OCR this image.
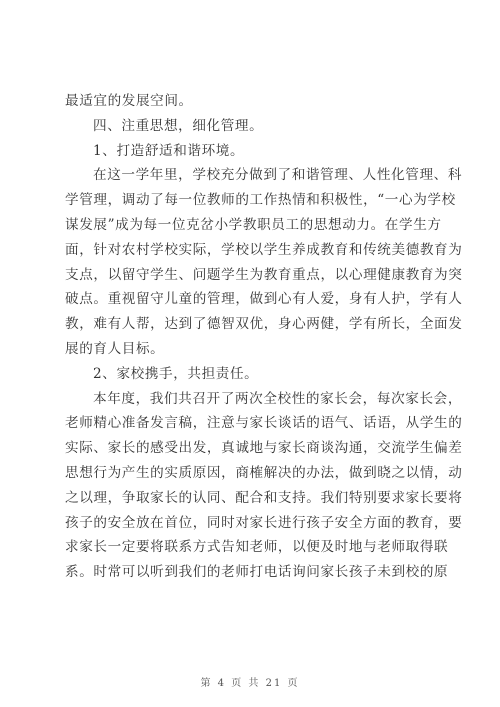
最适宜的发展空间。
四、注重思想，细化管理。
1、打造舒适和谐环境。
在这一学年里，学校充分做到了和谐管理、人性化管理、科
学管理，调动了每一位教师的工作热情和积极性，“一心为学校
谋发展”成为每一位克岔小学教职员工的思想动力。在学生方
面，针对农村学校实际，学校以学生养成教育和传统美德教育为
支点，以留守学生、问题学生为教育重点，以心理健康教育为突
破点。重视留守儿童的管理，做到心有人爱，身有人护，学有人
教，难有人帮，达到了德智双优，身心两健，学有所长，全面发
展的育人目标。
2、家校携手，共担责任。
本年度，我们共召开了两次全校性的家长会，每次家长会，
老师精心准备发言稿，注意与家长谈话的语气、话语，从学生的
实际、家长的感受出发，真诚地与家长商谈沟通，交流学生偏差
思想行为产生的实质原因，商榷解决的办法，做到晓之以情，动
之以理，争取家长的认同、配合和支持。我们特别要求家长要将
孩子的安全放在首位，同时对家长进行孩子安全方面的教育，要
求家长一定要将联系方式告知老师，以便及时地与老师取得联
系。时常可以听到我们的老师打电话询问家长孩子未到校的原
第 4 页 共 21 页
